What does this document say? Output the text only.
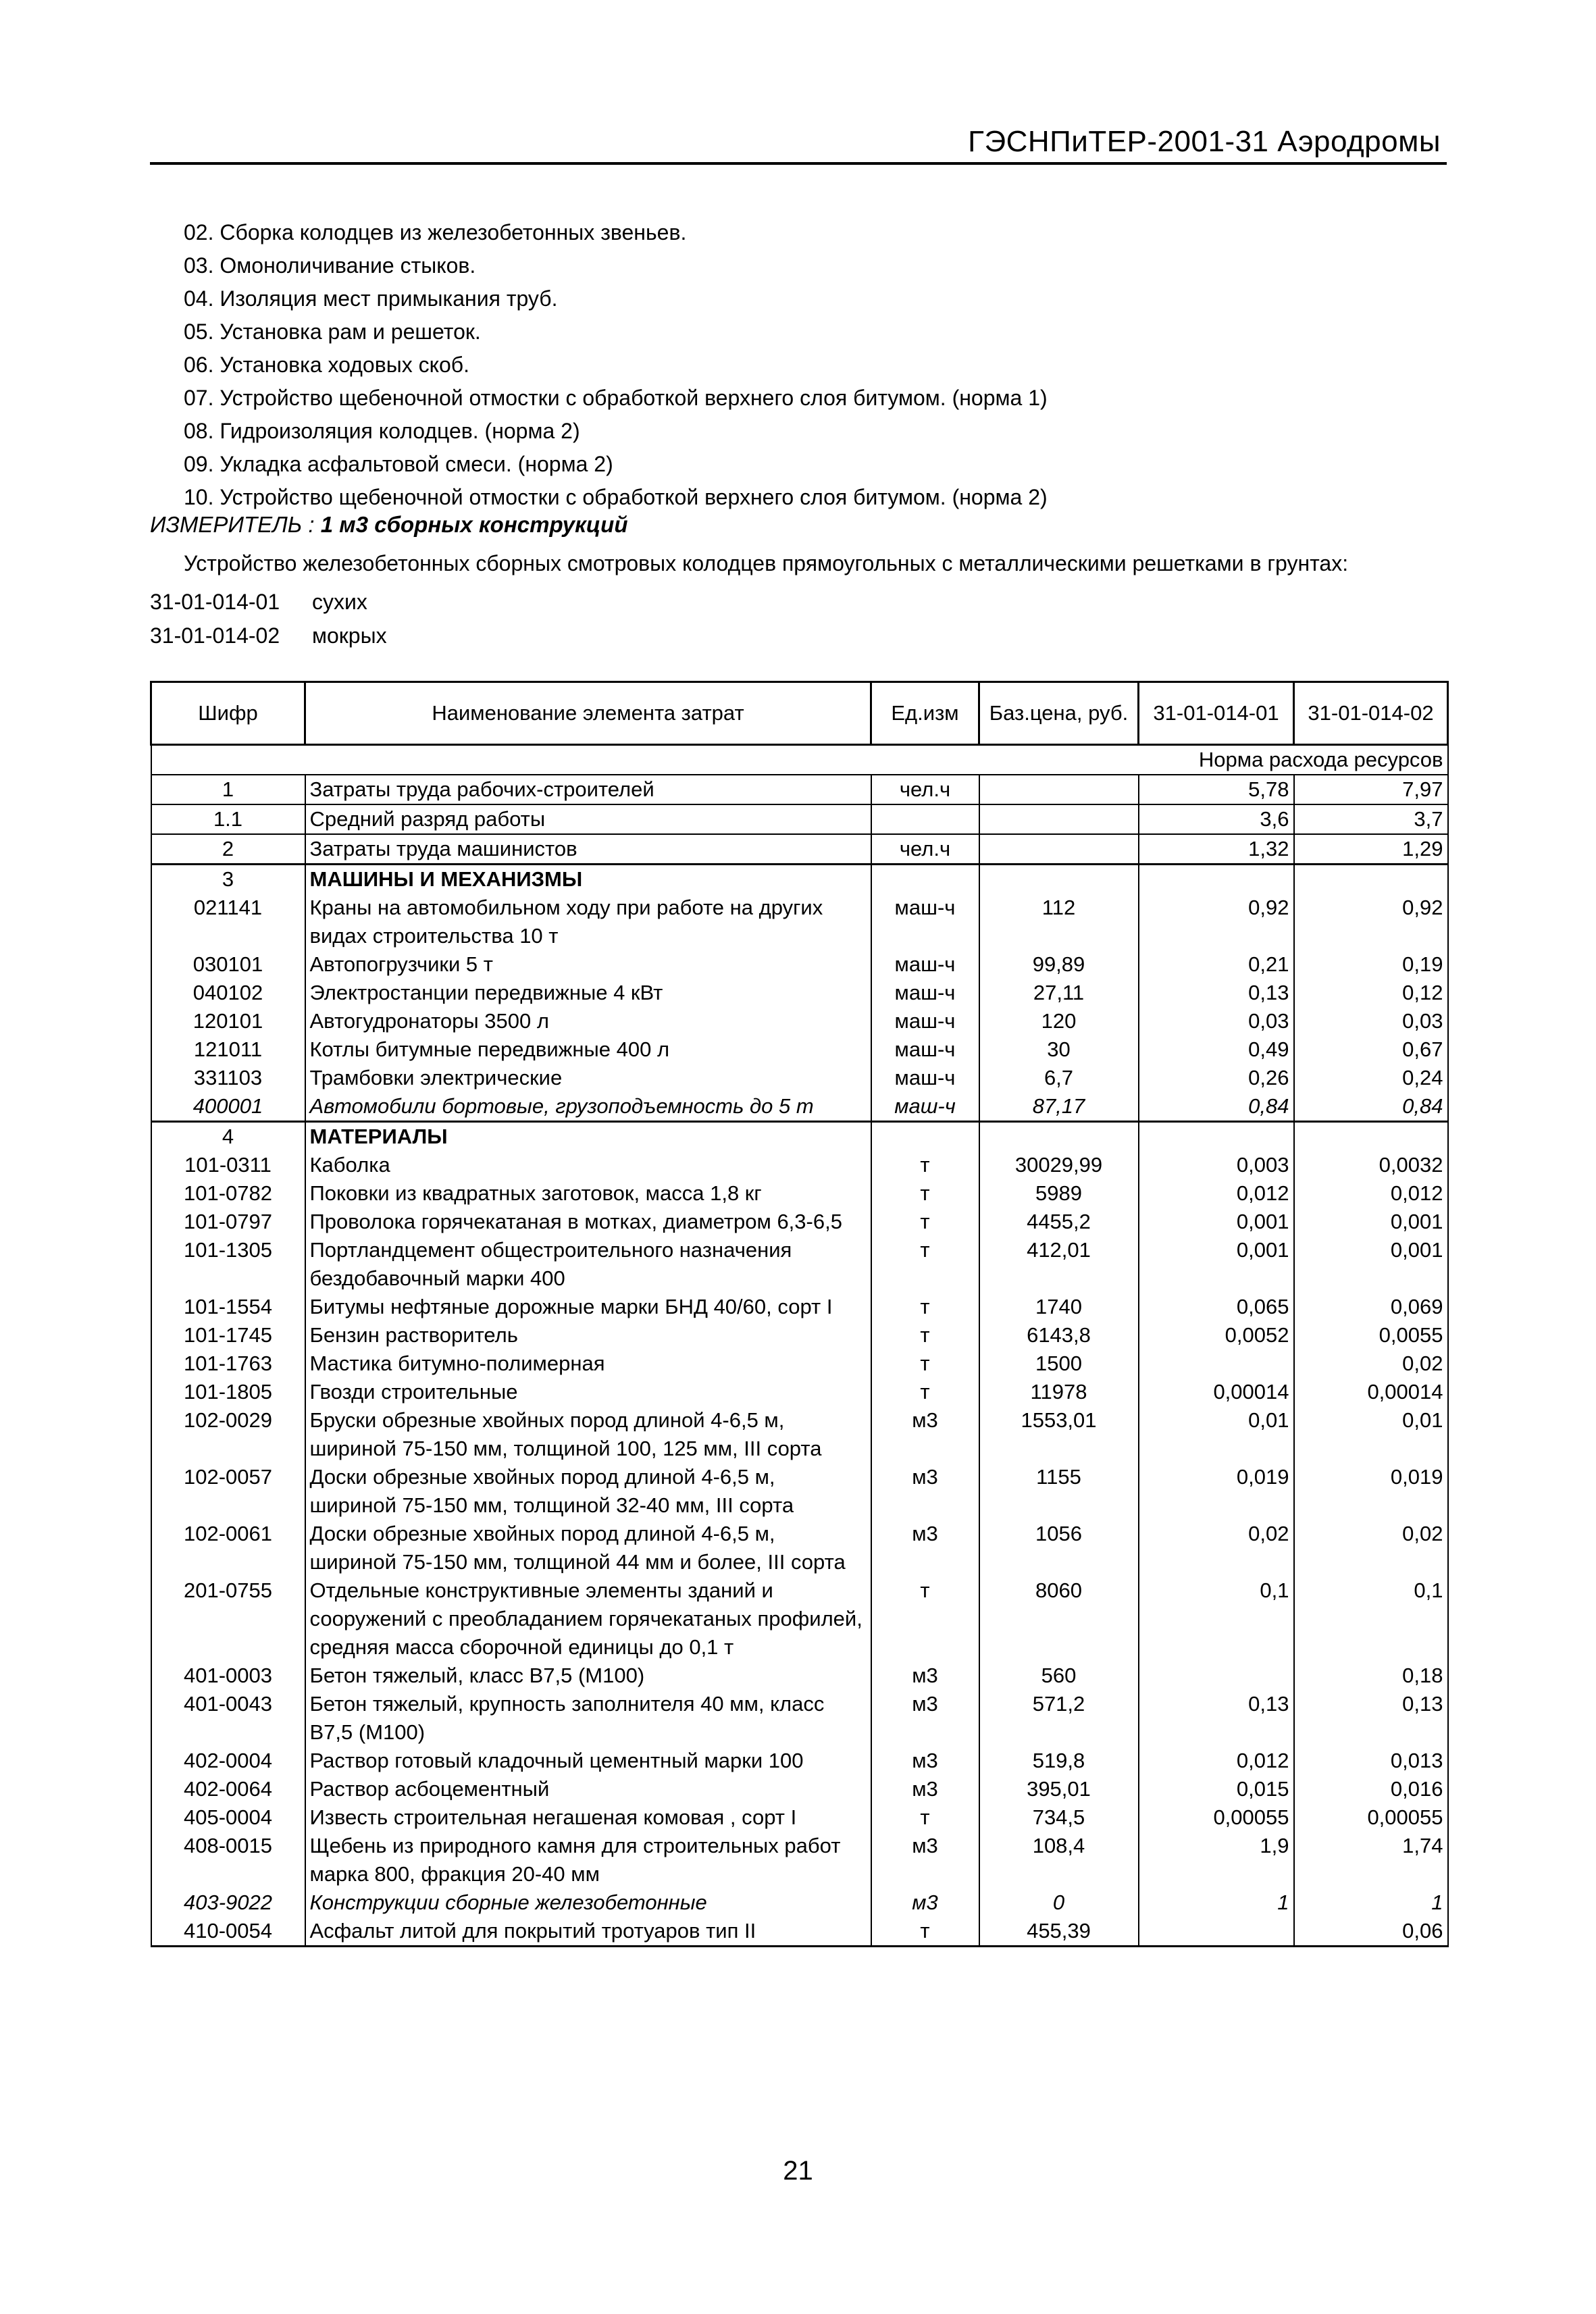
ГЭСНПиТЕР-2001-31 Аэродромы
02. Сборка колодцев из железобетонных звеньев.
03. Омоноличивание стыков.
04. Изоляция мест примыкания труб.
05. Установка рам и решеток.
06. Установка ходовых скоб.
07. Устройство щебеночной отмостки с обработкой верхнего слоя битумом. (норма 1)
08. Гидроизоляция колодцев. (норма 2)
09. Укладка асфальтовой смеси. (норма 2)
10. Устройство щебеночной отмостки с обработкой верхнего слоя битумом. (норма 2)
ИЗМЕРИТЕЛЬ : 1 м3 сборных конструкций
Устройство железобетонных сборных смотровых колодцев прямоугольных с металлическими решетками в грунтах:
31-01-014-01 сухих
31-01-014-02 мокрых
Шифр	Наименование элемента затрат	Ед.изм	Баз.цена, руб.	31-01-014-01	31-01-014-02
Норма расхода ресурсов					
1	Затраты труда рабочих-строителей	чел.ч		5,78	7,97
1.1	Средний разряд работы			3,6	3,7
2	Затраты труда машинистов	чел.ч		1,32	1,29
3	МАШИНЫ И МЕХАНИЗМЫ				
021141	Краны на автомобильном ходу при работе на других видах строительства 10 т	маш-ч	112	0,92	0,92
030101	Автопогрузчики 5 т	маш-ч	99,89	0,21	0,19
040102	Электростанции передвижные 4 кВт	маш-ч	27,11	0,13	0,12
120101	Автогудронаторы 3500 л	маш-ч	120	0,03	0,03
121011	Котлы битумные передвижные 400 л	маш-ч	30	0,49	0,67
331103	Трамбовки электрические	маш-ч	6,7	0,26	0,24
400001	Автомобили бортовые, грузоподъемность до 5 т	маш-ч	87,17	0,84	0,84
4	МАТЕРИАЛЫ				
101-0311	Каболка	т	30029,99	0,003	0,0032
101-0782	Поковки из квадратных заготовок, масса 1,8 кг	т	5989	0,012	0,012
101-0797	Проволока горячекатаная в мотках, диаметром 6,3-6,5	т	4455,2	0,001	0,001
101-1305	Портландцемент общестроительного назначения бездобавочный марки 400	т	412,01	0,001	0,001
101-1554	Битумы нефтяные дорожные марки БНД 40/60, сорт I	т	1740	0,065	0,069
101-1745	Бензин растворитель	т	6143,8	0,0052	0,0055
101-1763	Мастика битумно-полимерная	т	1500		0,02
101-1805	Гвозди строительные	т	11978	0,00014	0,00014
102-0029	Бруски обрезные хвойных пород длиной 4-6,5 м, шириной 75-150 мм, толщиной 100, 125 мм, III сорта	м3	1553,01	0,01	0,01
102-0057	Доски обрезные хвойных пород длиной 4-6,5 м, шириной 75-150 мм, толщиной 32-40 мм, III сорта	м3	1155	0,019	0,019
102-0061	Доски обрезные хвойных пород длиной 4-6,5 м, шириной 75-150 мм, толщиной 44 мм и более, III сорта	м3	1056	0,02	0,02
201-0755	Отдельные конструктивные элементы зданий и сооружений с преобладанием горячекатаных профилей, средняя масса сборочной единицы до 0,1 т	т	8060	0,1	0,1
401-0003	Бетон тяжелый, класс В7,5 (М100)	м3	560		0,18
401-0043	Бетон тяжелый, крупность заполнителя 40 мм, класс В7,5 (М100)	м3	571,2	0,13	0,13
402-0004	Раствор готовый кладочный цементный марки 100	м3	519,8	0,012	0,013
402-0064	Раствор асбоцементный	м3	395,01	0,015	0,016
405-0004	Известь строительная негашеная комовая , сорт I	т	734,5	0,00055	0,00055
408-0015	Щебень из природного камня для строительных работ марка 800, фракция 20-40 мм	м3	108,4	1,9	1,74
403-9022	Конструкции сборные железобетонные	м3	0	1	1
410-0054	Асфальт литой для покрытий тротуаров тип II	т	455,39		0,06
21
